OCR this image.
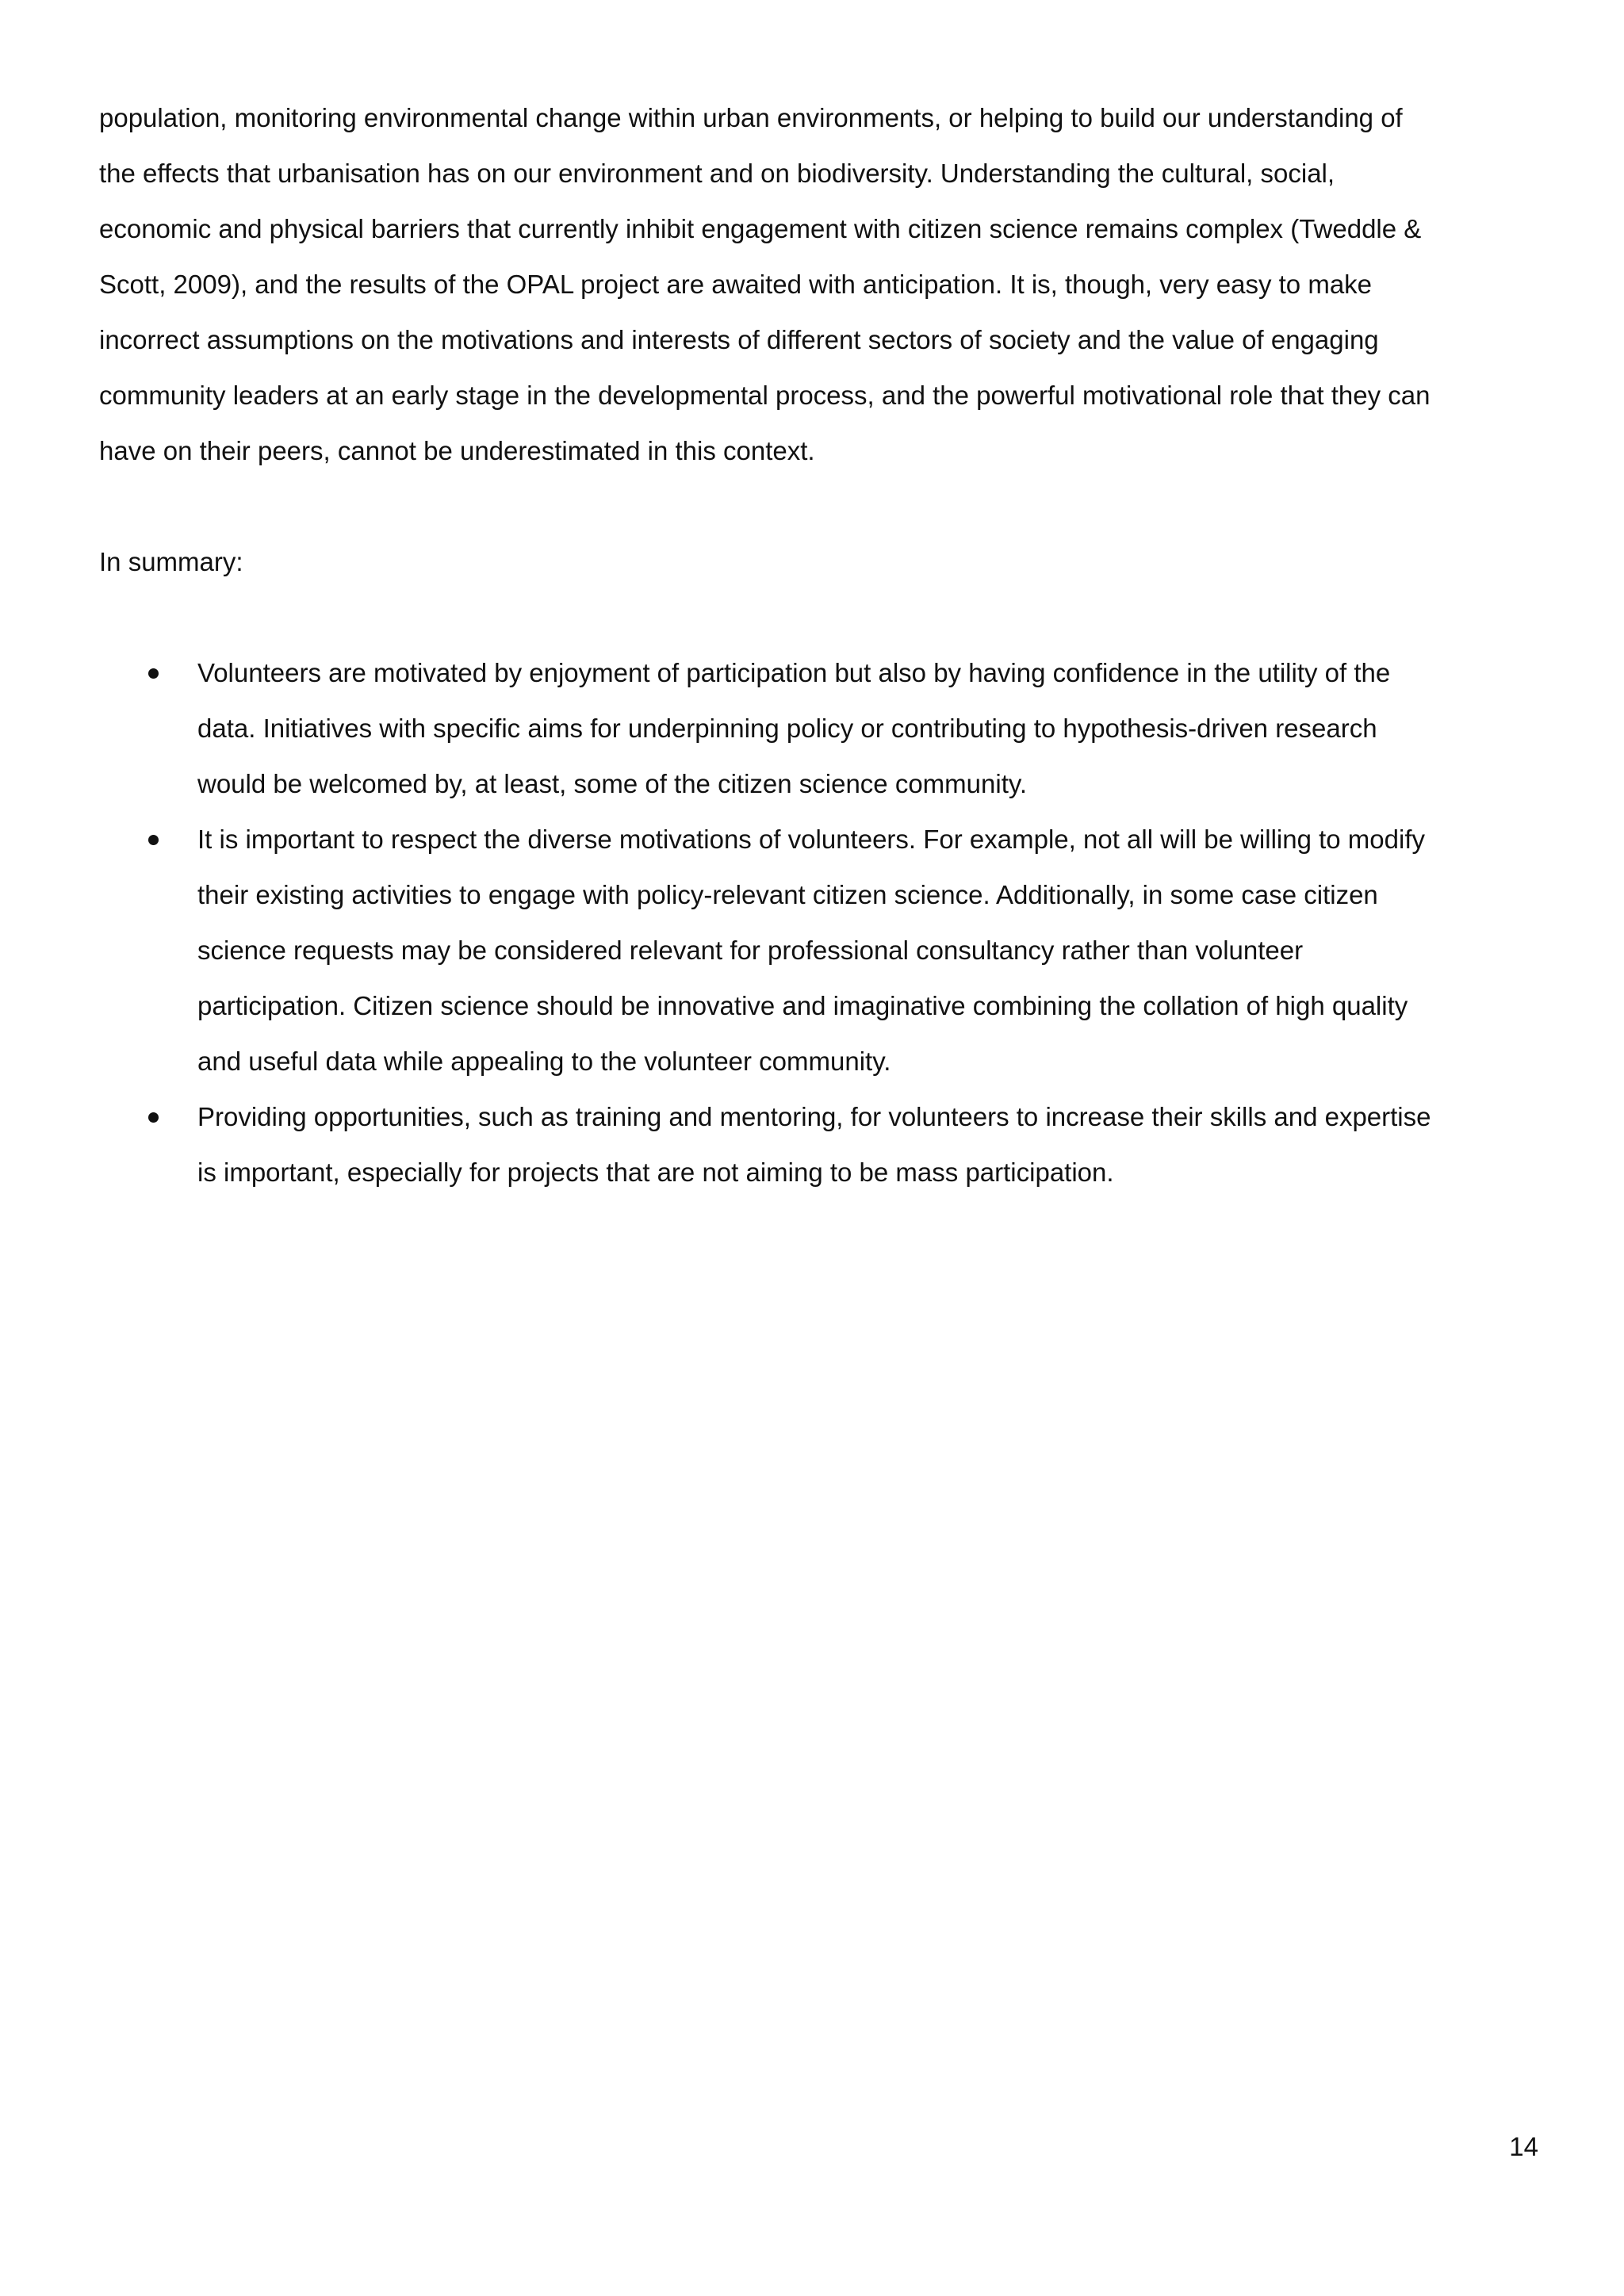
population, monitoring environmental change within urban environments, or helping to build our understanding of
the effects that urbanisation has on our environment and on biodiversity. Understanding the cultural, social,
economic and physical barriers that currently inhibit engagement with citizen science remains complex (Tweddle &
Scott, 2009), and the results of the OPAL project are awaited with anticipation. It is, though, very easy to make
incorrect assumptions on the motivations and interests of different sectors of society and the value of engaging
community leaders at an early stage in the developmental process, and the powerful motivational role that they can
have on their peers, cannot be underestimated in this context.
In summary:
Volunteers are motivated by enjoyment of participation but also by having confidence in the utility of the
data. Initiatives with specific aims for underpinning policy or contributing to hypothesis-driven research
would be welcomed by, at least, some of the citizen science community.
It is important to respect the diverse motivations of volunteers. For example, not all will be willing to modify
their existing activities to engage with policy-relevant citizen science. Additionally, in some case citizen
science requests may be considered relevant for professional consultancy rather than volunteer
participation. Citizen science should be innovative and imaginative combining the collation of high quality
and useful data while appealing to the volunteer community.
Providing opportunities, such as training and mentoring, for volunteers to increase their skills and expertise
is important, especially for projects that are not aiming to be mass participation.
14
